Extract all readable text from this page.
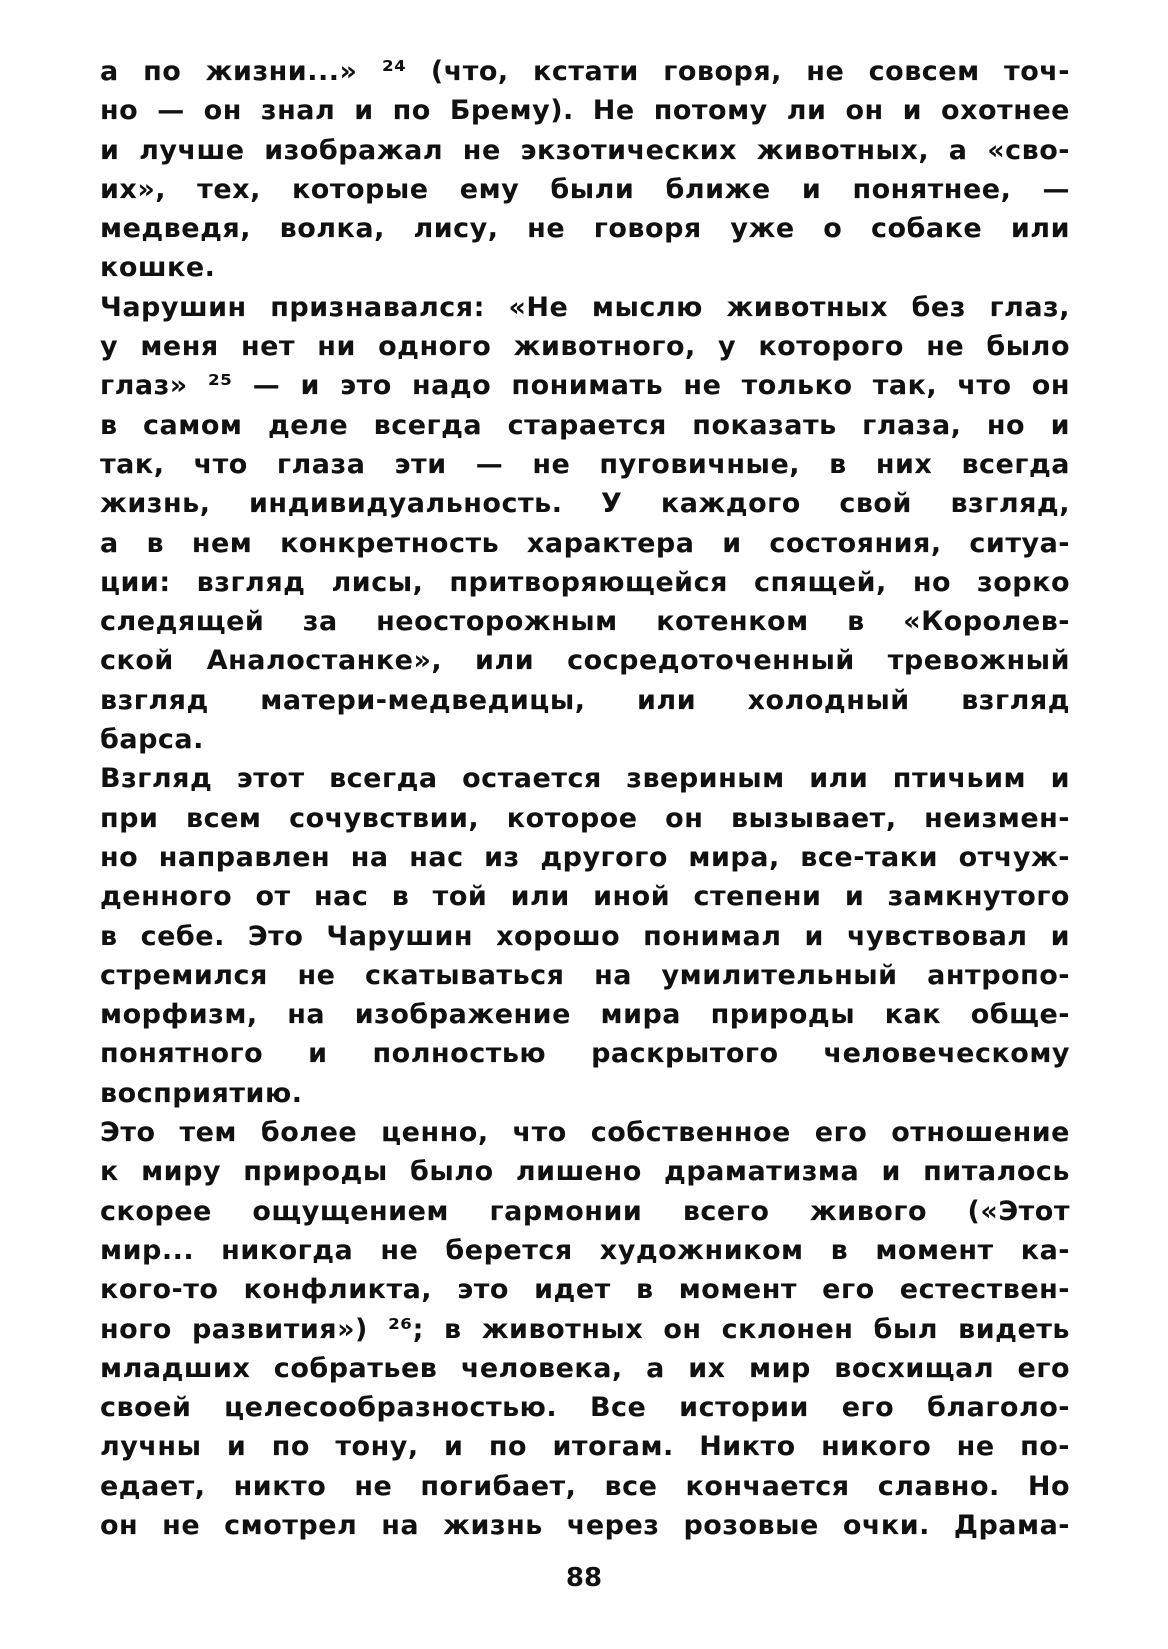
а по жизни...» ²⁴ (что, кстати говоря, не совсем точ-
но — он знал и по Брему). Не потому ли он и охотнее
и лучше изображал не экзотических животных, а «сво-
их», тех, которые ему были ближе и понятнее, —
медведя, волка, лису, не говоря уже о собаке или
кошке.
Чарушин признавался: «Не мыслю животных без глаз,
у меня нет ни одного животного, у которого не было
глаз» ²⁵ — и это надо понимать не только так, что он
в самом деле всегда старается показать глаза, но и
так, что глаза эти — не пуговичные, в них всегда
жизнь, индивидуальность. У каждого свой взгляд,
а в нем конкретность характера и состояния, ситуа-
ции: взгляд лисы, притворяющейся спящей, но зорко
следящей за неосторожным котенком в «Королев-
ской Аналостанке», или сосредоточенный тревожный
взгляд матери-медведицы, или холодный взгляд
барса.
Взгляд этот всегда остается звериным или птичьим и
при всем сочувствии, которое он вызывает, неизмен-
но направлен на нас из другого мира, все-таки отчуж-
денного от нас в той или иной степени и замкнутого
в себе. Это Чарушин хорошо понимал и чувствовал и
стремился не скатываться на умилительный антропо-
морфизм, на изображение мира природы как обще-
понятного и полностью раскрытого человеческому
восприятию.
Это тем более ценно, что собственное его отношение
к миру природы было лишено драматизма и питалось
скорее ощущением гармонии всего живого («Этот
мир... никогда не берется художником в момент ка-
кого-то конфликта, это идет в момент его естествен-
ного развития») ²⁶; в животных он склонен был видеть
младших собратьев человека, а их мир восхищал его
своей целесообразностью. Все истории его благоло-
лучны и по тону, и по итогам. Никто никого не по-
едает, никто не погибает, все кончается славно. Но
он не смотрел на жизнь через розовые очки. Драма-
88
